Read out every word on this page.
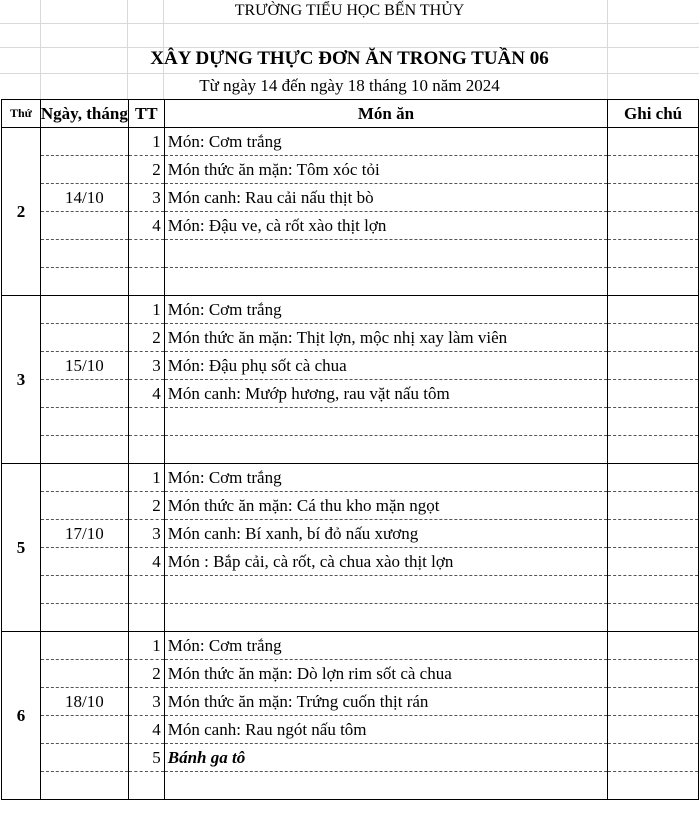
TRƯỜNG TIỂU HỌC BẾN THỦY
XÂY DỰNG THỰC ĐƠN ĂN TRONG TUẦN 06
Từ ngày 14 đến ngày 18 tháng 10 năm 2024
Thứ	Ngày, tháng	TT	Món ăn	Ghi chú
2		1	Món: Cơm trắng	
		2	Món thức ăn mặn: Tôm xóc tỏi	
	14/10	3	Món canh: Rau cải nấu thịt bò	
		4	Món: Đậu ve, cà rốt xào thịt lợn	

3		1	Món: Cơm trắng	
		2	Món thức ăn mặn: Thịt lợn, mộc nhị xay làm viên	
	15/10	3	Món: Đậu phụ sốt cà chua	
		4	Món canh: Mướp hương, rau vặt nấu tôm	

5		1	Món: Cơm trắng	
		2	Món thức ăn mặn: Cá thu kho mặn ngọt	
	17/10	3	Món canh: Bí xanh, bí đỏ nấu xương	
		4	Món : Bắp cải, cà rốt, cà chua xào thịt lợn	

6		1	Món: Cơm trắng	
		2	Món thức ăn mặn: Dò lợn rim sốt cà chua	
	18/10	3	Món thức ăn mặn: Trứng cuốn thịt rán	
		4	Món canh: Rau ngót nấu tôm	
		5	Bánh ga tô	
